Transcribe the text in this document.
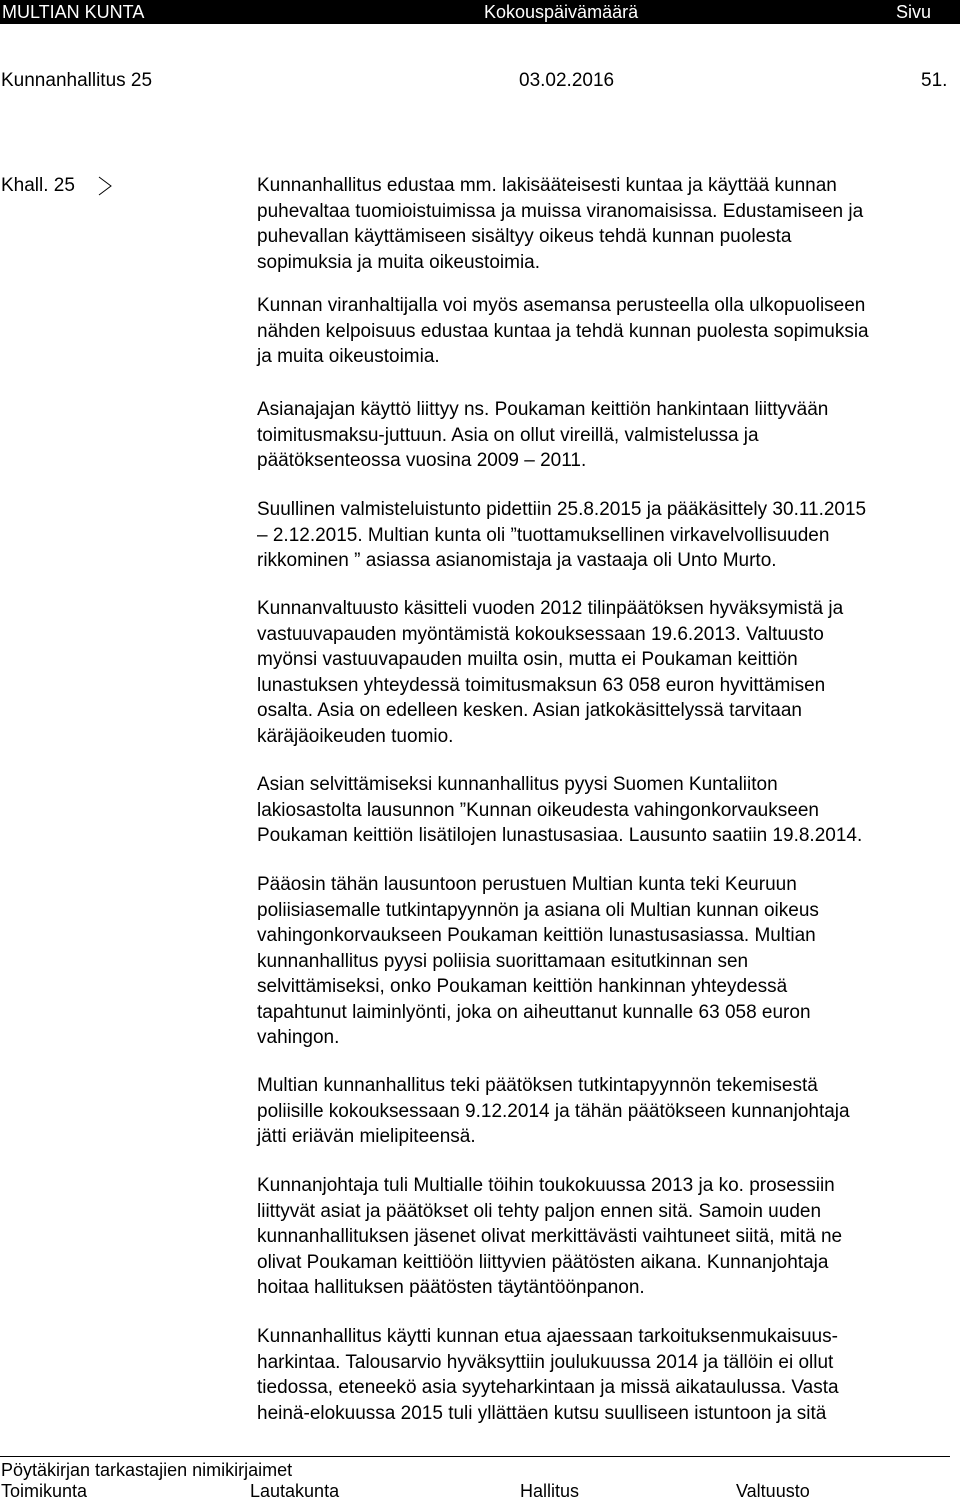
MULTIAN KUNTA	Kokouspäivämäärä	Sivu
Kunnanhallitus 25	03.02.2016	51.
Khall. 25	Kunnanhallitus edustaa mm. lakisääteisesti kuntaa ja käyttää kunnan
puhevaltaa tuomioistuimissa ja muissa viranomaisissa. Edustamiseen ja
puhevallan käyttämiseen sisältyy oikeus tehdä kunnan puolesta
sopimuksia ja muita oikeustoimia.
Kunnan viranhaltijalla voi myös asemansa perusteella olla ulkopuoliseen
nähden kelpoisuus edustaa kuntaa ja tehdä kunnan puolesta sopimuksia
ja muita oikeustoimia.
Asianajajan käyttö liittyy ns. Poukaman keittiön hankintaan liittyvään
toimitusmaksu-juttuun. Asia on ollut vireillä, valmistelussa ja
päätöksenteossa vuosina 2009 – 2011.
Suullinen valmisteluistunto pidettiin 25.8.2015 ja pääkäsittely 30.11.2015
– 2.12.2015. Multian kunta oli ”tuottamuksellinen virkavelvollisuuden
rikkominen ” asiassa asianomistaja ja vastaaja oli Unto Murto.
Kunnanvaltuusto käsitteli vuoden 2012 tilinpäätöksen hyväksymistä ja
vastuuvapauden myöntämistä kokouksessaan 19.6.2013. Valtuusto
myönsi vastuuvapauden muilta osin, mutta ei Poukaman keittiön
lunastuksen yhteydessä toimitusmaksun 63 058 euron hyvittämisen
osalta. Asia on edelleen kesken. Asian jatkokäsittelyssä tarvitaan
käräjäoikeuden tuomio.
Asian selvittämiseksi kunnanhallitus pyysi Suomen Kuntaliiton
lakiosastolta lausunnon ”Kunnan oikeudesta vahingonkorvaukseen
Poukaman keittiön lisätilojen lunastusasiaa. Lausunto saatiin 19.8.2014.
Pääosin tähän lausuntoon perustuen Multian kunta teki Keuruun
poliisiasemalle tutkintapyynnön ja asiana oli Multian kunnan oikeus
vahingonkorvaukseen Poukaman keittiön lunastusasiassa. Multian
kunnanhallitus pyysi poliisia suorittamaan esitutkinnan sen
selvittämiseksi, onko Poukaman keittiön hankinnan yhteydessä
tapahtunut laiminlyönti, joka on aiheuttanut kunnalle 63 058 euron
vahingon.
Multian kunnanhallitus teki päätöksen tutkintapyynnön tekemisestä
poliisille kokouksessaan 9.12.2014 ja tähän päätökseen kunnanjohtaja
jätti eriävän mielipiteensä.
Kunnanjohtaja tuli Multialle töihin toukokuussa 2013 ja ko. prosessiin
liittyvät asiat ja päätökset oli tehty paljon ennen sitä. Samoin uuden
kunnanhallituksen jäsenet olivat merkittävästi vaihtuneet siitä, mitä ne
olivat Poukaman keittiöön liittyvien päätösten aikana. Kunnanjohtaja
hoitaa hallituksen päätösten täytäntöönpanon.
Kunnanhallitus käytti kunnan etua ajaessaan tarkoituksenmukaisuus-
harkintaa. Talousarvio hyväksyttiin joulukuussa 2014 ja tällöin ei ollut
tiedossa, eteneekö asia syyteharkintaan ja missä aikataulussa. Vasta
heinä-elokuussa 2015 tuli yllättäen kutsu suulliseen istuntoon ja sitä
Pöytäkirjan tarkastajien nimikirjaimet
Toimikunta	Lautakunta	Hallitus	Valtuusto
